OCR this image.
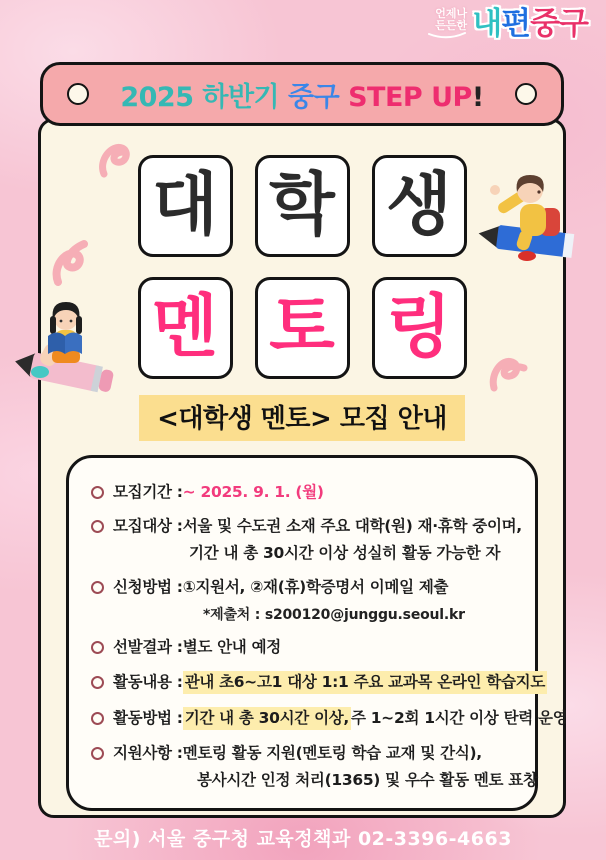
언제나
든든한 내편중구
2025 하반기 중구 STEP UP!
대 학 생
멘 토 링
<대학생 멘토> 모집 안내
모집기간 : ∼ 2025. 9. 1. (월)
모집대상 : 서울 및 수도권 소재 주요 대학(원) 재·휴학 중이며,
기간 내 총 30시간 이상 성실히 활동 가능한 자
신청방법 : ①지원서, ②재(휴)학증명서 이메일 제출
*제출처 : s200120@junggu.seoul.kr
선발결과 : 별도 안내 예정
활동내용 : 관내 초6∼고1 대상 1:1 주요 교과목 온라인 학습지도
활동방법 : 기간 내 총 30시간 이상, 주 1∼2회 1시간 이상 탄력 운영
지원사항 : 멘토링 활동 지원(멘토링 학습 교재 및 간식),
봉사시간 인정 처리(1365) 및 우수 활동 멘토 표창
문의) 서울 중구청 교육정책과 02-3396-4663
